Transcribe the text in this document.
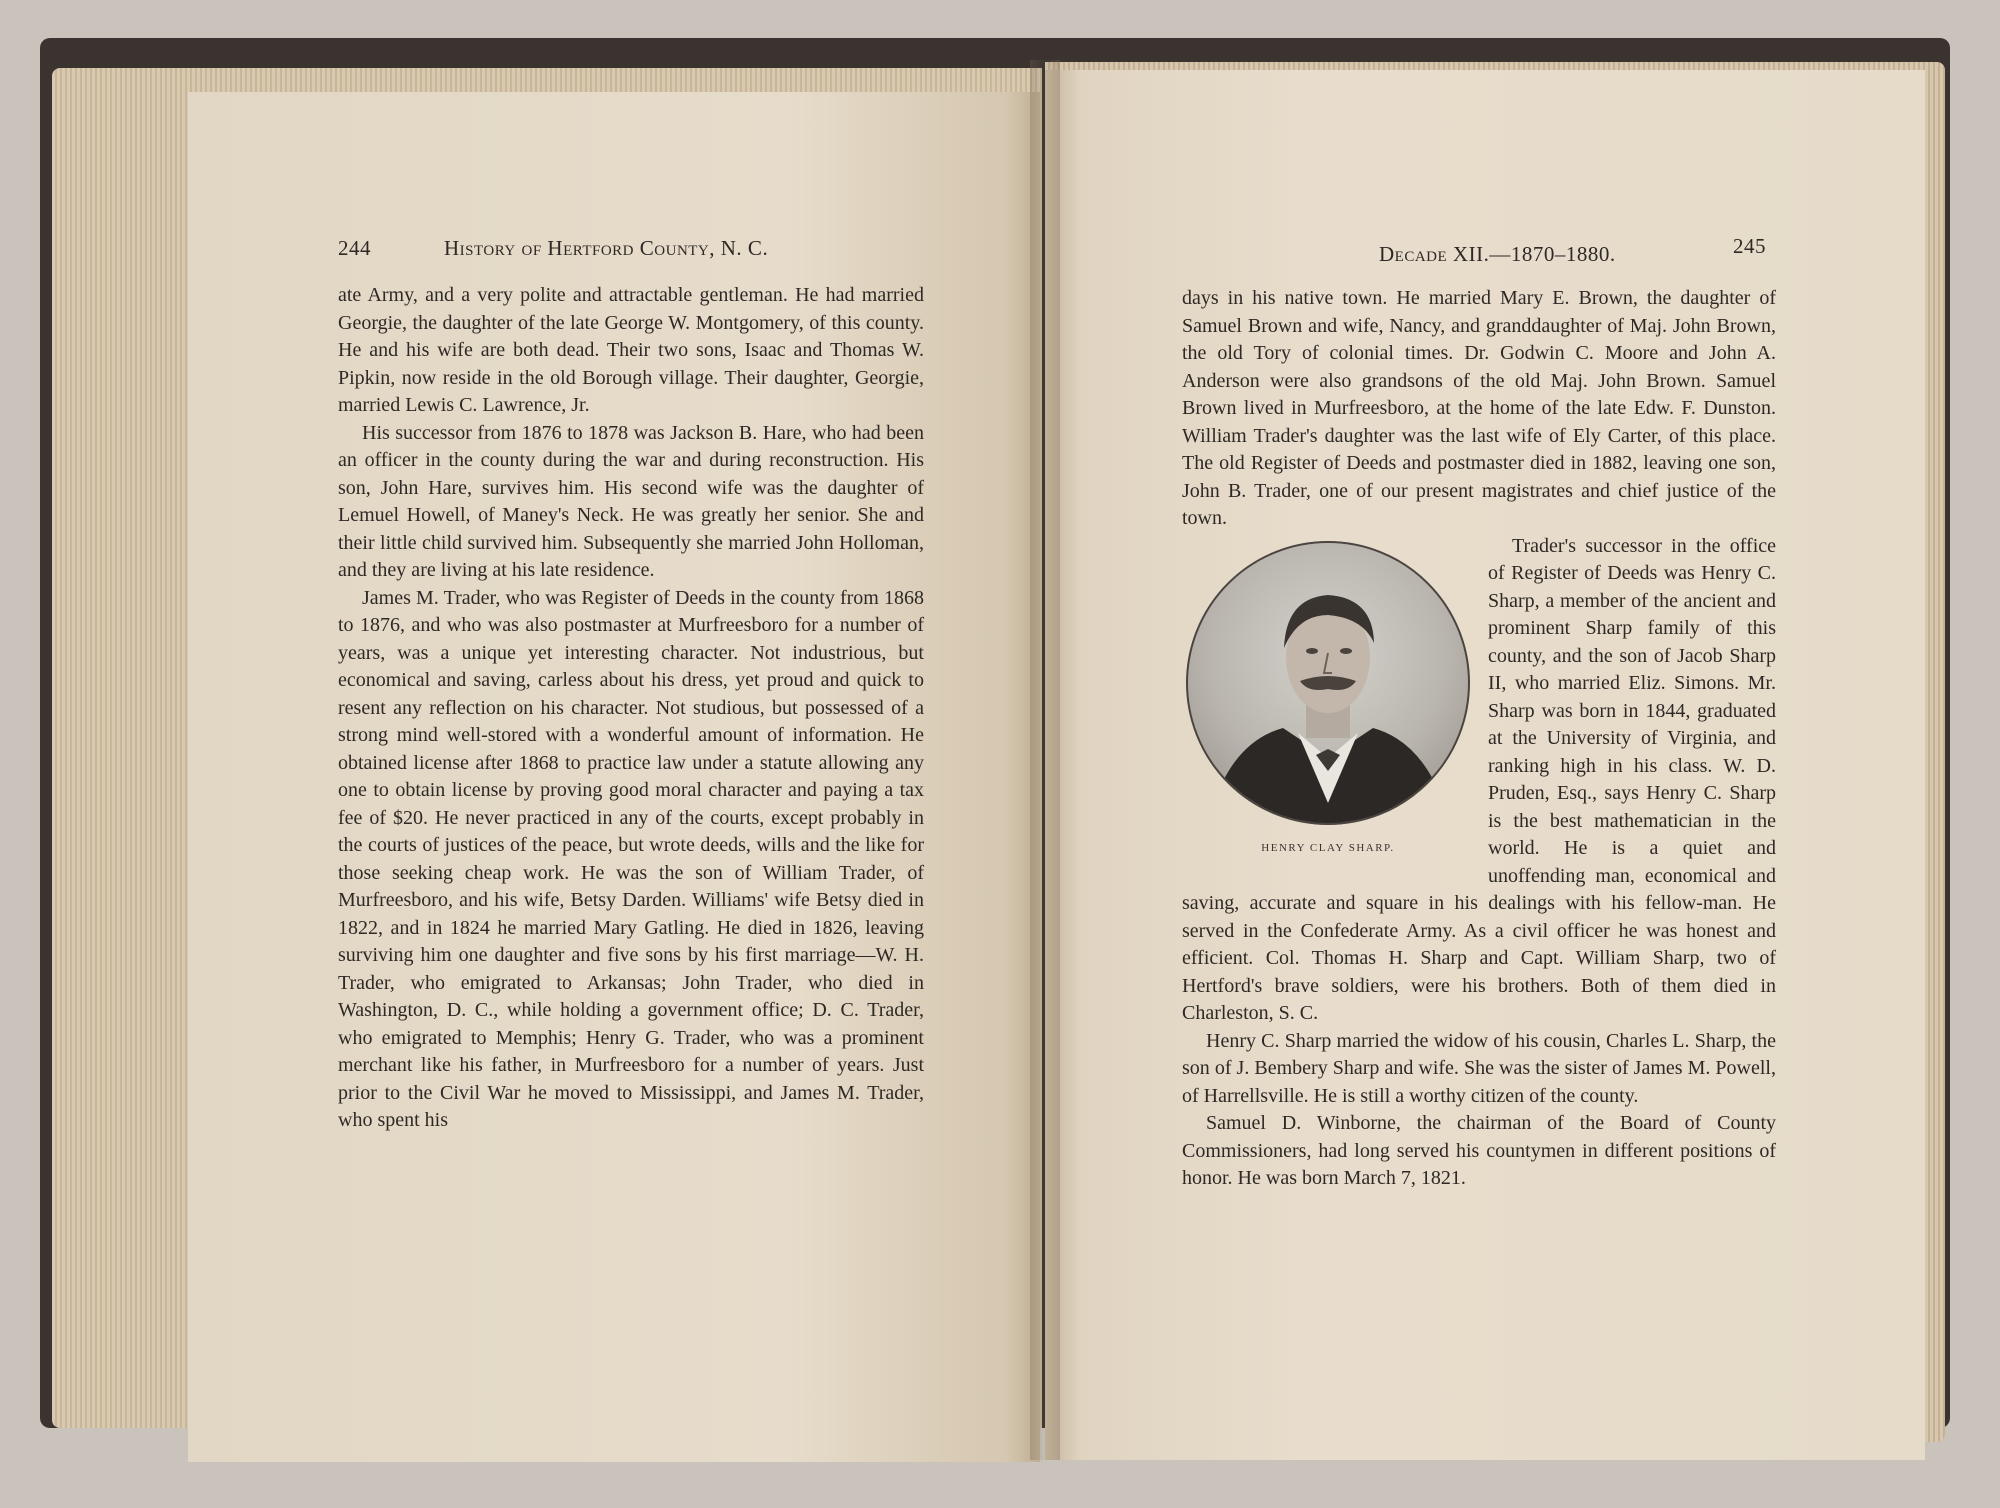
244	History of Hertford County, N. C.

ate Army, and a very polite and attractable gentleman. He had married Georgie, the daughter of the late George W. Montgomery, of this county. He and his wife are both dead. Their two sons, Isaac and Thomas W. Pipkin, now reside in the old Borough village. Their daughter, Georgie, married Lewis C. Lawrence, Jr.

His successor from 1876 to 1878 was Jackson B. Hare, who had been an officer in the county during the war and during reconstruction. His son, John Hare, survives him. His second wife was the daughter of Lemuel Howell, of Maney's Neck. He was greatly her senior. She and their little child survived him. Subsequently she married John Holloman, and they are living at his late residence.

James M. Trader, who was Register of Deeds in the county from 1868 to 1876, and who was also postmaster at Murfreesboro for a number of years, was a unique yet interesting character. Not industrious, but economical and saving, carless about his dress, yet proud and quick to resent any reflection on his character. Not studious, but possessed of a strong mind well-stored with a wonderful amount of information. He obtained license after 1868 to practice law under a statute allowing any one to obtain license by proving good moral character and paying a tax fee of $20. He never practiced in any of the courts, except probably in the courts of justices of the peace, but wrote deeds, wills and the like for those seeking cheap work. He was the son of William Trader, of Murfreesboro, and his wife, Betsy Darden. Williams' wife Betsy died in 1822, and in 1824 he married Mary Gatling. He died in 1826, leaving surviving him one daughter and five sons by his first marriage—W. H. Trader, who emigrated to Arkansas; John Trader, who died in Washington, D. C., while holding a government office; D. C. Trader, who emigrated to Memphis; Henry G. Trader, who was a prominent merchant like his father, in Murfreesboro for a number of years. Just prior to the Civil War he moved to Mississippi, and James M. Trader, who spent his

Decade XII.—1870–1880.	245

days in his native town. He married Mary E. Brown, the daughter of Samuel Brown and wife, Nancy, and granddaughter of Maj. John Brown, the old Tory of colonial times. Dr. Godwin C. Moore and John A. Anderson were also grandsons of the old Maj. John Brown. Samuel Brown lived in Murfreesboro, at the home of the late Edw. F. Dunston. William Trader's daughter was the last wife of Ely Carter, of this place. The old Register of Deeds and postmaster died in 1882, leaving one son, John B. Trader, one of our present magistrates and chief justice of the town.

HENRY CLAY SHARP.

Trader's successor in the office of Register of Deeds was Henry C. Sharp, a member of the ancient and prominent Sharp family of this county, and the son of Jacob Sharp II, who married Eliz. Simons. Mr. Sharp was born in 1844, graduated at the University of Virginia, and ranking high in his class. W. D. Pruden, Esq., says Henry C. Sharp is the best mathematician in the world. He is a quiet and unoffending man, economical and saving, accurate and square in his dealings with his fellow-man. He served in the Confederate Army. As a civil officer he was honest and efficient. Col. Thomas H. Sharp and Capt. William Sharp, two of Hertford's brave soldiers, were his brothers. Both of them died in Charleston, S. C.

Henry C. Sharp married the widow of his cousin, Charles L. Sharp, the son of J. Bembery Sharp and wife. She was the sister of James M. Powell, of Harrellsville. He is still a worthy citizen of the county.

Samuel D. Winborne, the chairman of the Board of County Commissioners, had long served his countymen in different positions of honor. He was born March 7, 1821.
